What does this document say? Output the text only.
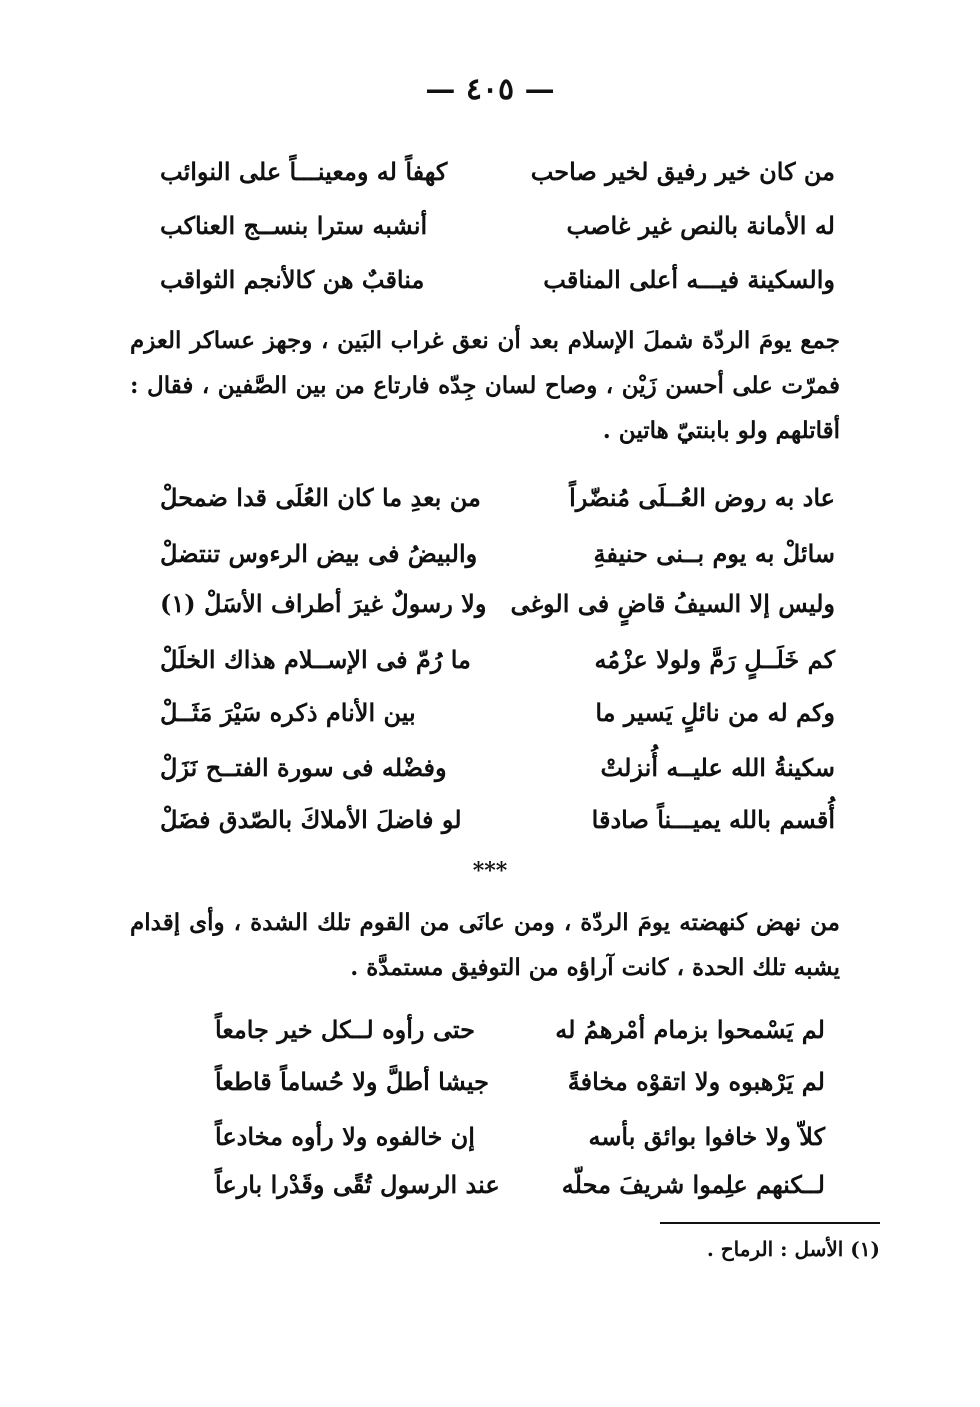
— ٤٠٥ —
من كان خير رفيق لخير صاحب
كهفاً له ومعينـــاً على النوائب
له الأمانة بالنص غير غاصب
أنشبه سترا بنســج العناكب
والسكينة فيـــه أعلى المناقب
مناقبٌ هن كالأنجم الثواقب
جمع يومَ الردّة شملَ الإسلام بعد أن نعق غراب البَين ، وجهز عساكر العزم فمرّت على أحسن زَيْن ، وصاح لسان جِدّه فارتاع من بين الصَّفين ، فقال : أقاتلهم ولو بابنتيّ هاتين .
عاد به روض العُــلَى مُنضّراً
من بعدِ ما كان العُلَى قدا ضمحلْ
سائلْ به يوم بــنى حنيفةِ
والبيضُ فى بيض الرءوس تنتضلْ
وليس إلا السيفُ قاضٍ فى الوغى
ولا رسولٌ غيرَ أطراف الأسَلْ (١)
كم خَلَــلٍ رَمَّ ولولا عزْمُه
ما رُمّ فى الإســلام هذاك الخلَلْ
وكم له من نائلٍ يَسير ما
بين الأنام ذكره سَيْرَ مَثَــلْ
سكينةُ الله عليــه أُنزلتْ
وفضْله فى سورة الفتــح نَزَلْ
أُقسم بالله يميـــناً صادقا
لو فاضلَ الأملاكَ بالصّدق فضَلْ
***
من نهض كنهضته يومَ الردّة ، ومن عانَى من القوم تلك الشدة ، وأى إقدام يشبه تلك الحدة ، كانت آراؤه من التوفيق مستمدَّة .
لم يَسْمحوا بزمام أمْرهمُ له
حتى رأوه لــكل خير جامعاً
لم يَرْهبوه ولا اتقوْه مخافةً
جيشا أطلَّ ولا حُساماً قاطعاً
كلاّ ولا خافوا بوائق بأسه
إن خالفوه ولا رأوه مخادعاً
لــكنهم علِموا شريفَ محلّه
عند الرسول تُقًى وقَدْرا بارعاً
(١) الأسل : الرماح .
